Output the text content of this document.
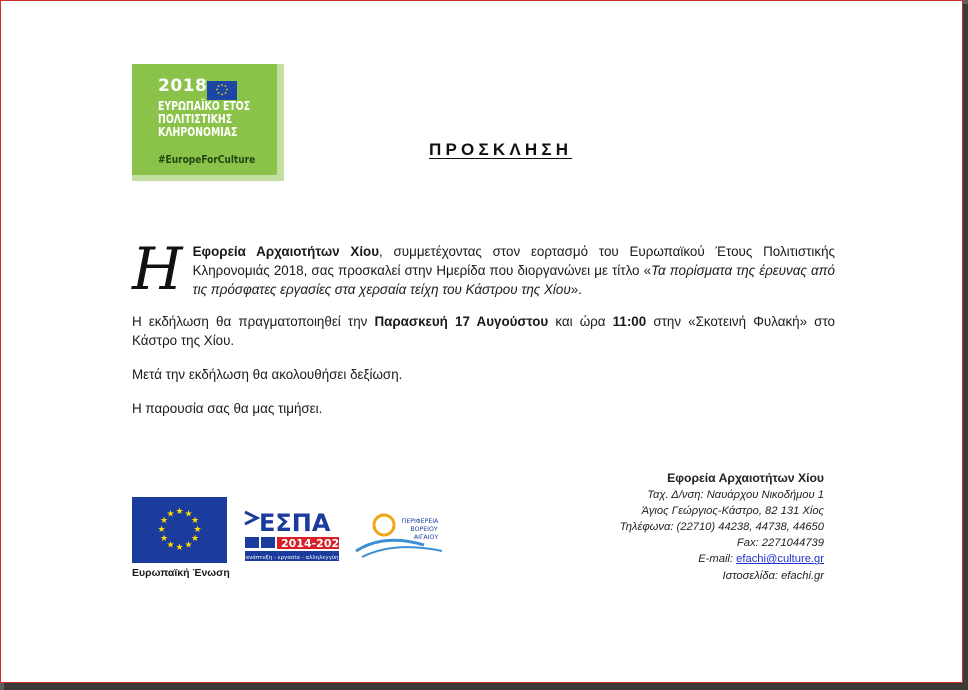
2018
ΕΥΡΩΠΑΪΚΟ ΕΤΟΣ
ΠΟΛΙΤΙΣΤΙΚΗΣ
ΚΛΗΡΟΝΟΜΙΑΣ
#EuropeForCulture
ΠΡΟΣΚΛΗΣΗ

Η Εφορεία Αρχαιοτήτων Χίου, συμμετέχοντας στον εορτασμό του Ευρωπαϊκού Έτους Πολιτιστικής Κληρονομιάς 2018, σας προσκαλεί στην Ημερίδα που διοργανώνει με τίτλο «Τα πορίσματα της έρευνας από τις πρόσφατες εργασίες στα χερσαία τείχη του Κάστρου της Χίου».

Η εκδήλωση θα πραγματοποιηθεί την Παρασκευή 17 Αυγούστου και ώρα 11:00 στην «Σκοτεινή Φυλακή» στο Κάστρο της Χίου.

Μετά την εκδήλωση θα ακολουθήσει δεξίωση.

Η παρουσία σας θα μας τιμήσει.

Εφορεία Αρχαιοτήτων Χίου
Ταχ. Δ/νση: Ναυάρχου Νικοδήμου 1
Άγιος Γεώργιος-Κάστρο, 82 131 Χίος
Τηλέφωνα: (22710) 44238, 44738, 44650
Fax: 2271044739
E-mail: efachi@culture.gr
Ιστοσελίδα: efachi.gr
★ ★
★
★
★
★
★
★
★
★
★
★
Ευρωπαϊκή Ένωση
ΕΣΠΑ
2014-2020
ανάπτυξη - εργασία - αλληλεγγύη
ΠΕΡΙΦΕΡΕΙΑ
ΒΟΡΕΙΟΥ
ΑΙΓΑΙΟΥ
